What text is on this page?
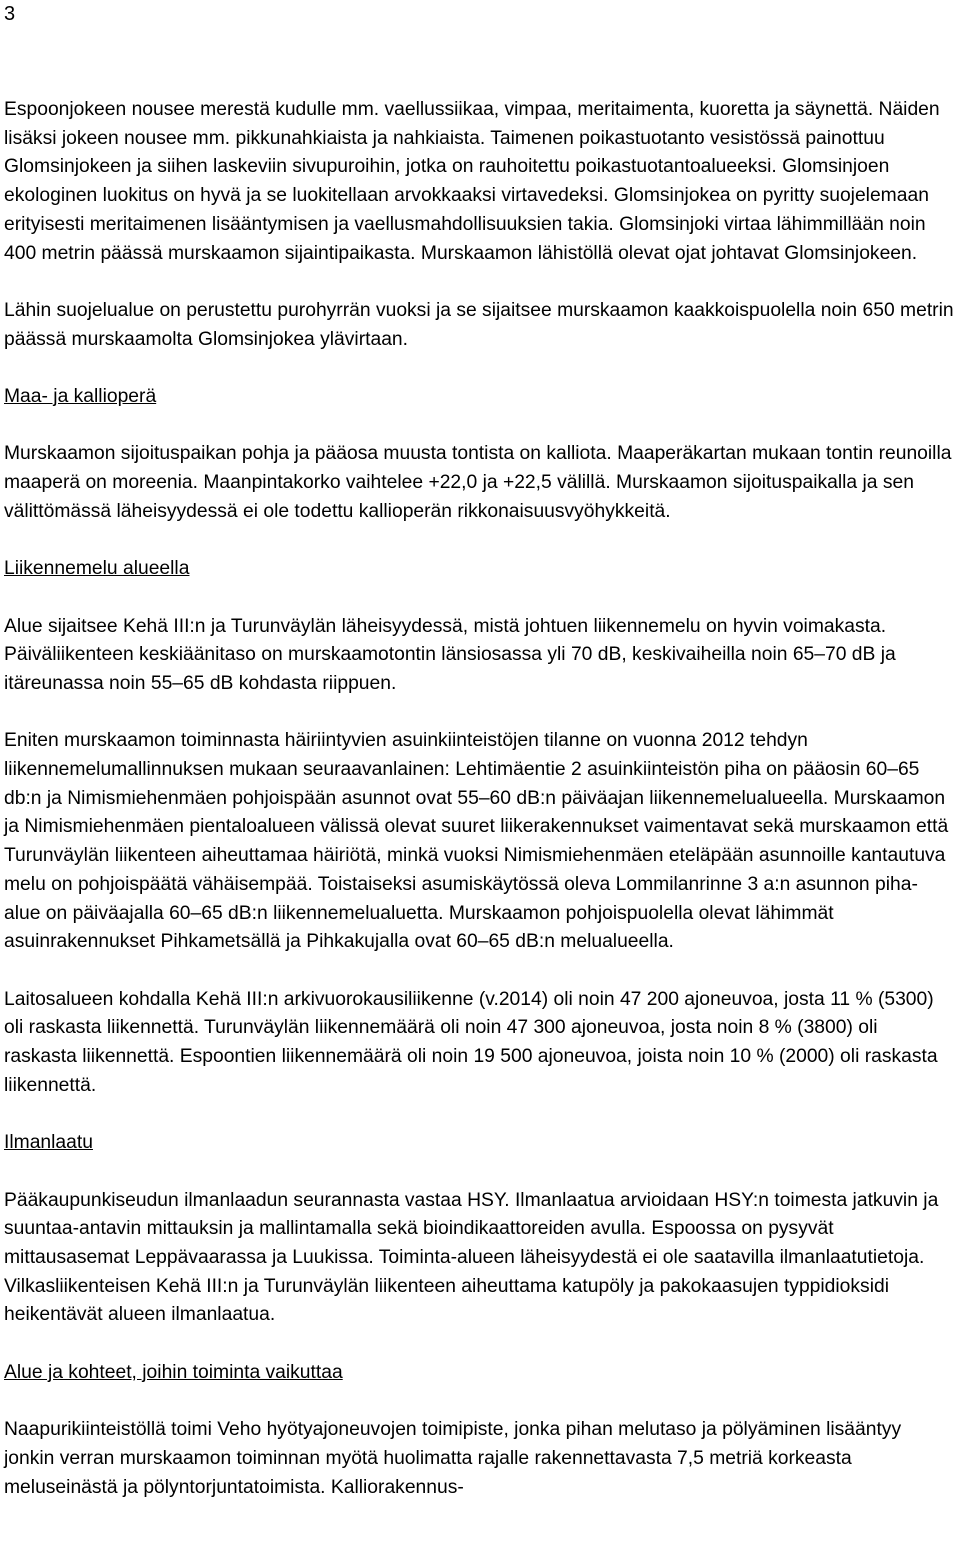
3

Espoonjokeen nousee merestä kudulle mm. vaellussiikaa, vimpaa, meritaimenta, kuoretta ja säynettä. Näiden lisäksi jokeen nousee mm. pikkunahkiaista ja nahkiaista. Taimenen poikastuotanto vesistössä painottuu Glomsinjokeen ja siihen laskeviin sivupuroihin, jotka on rauhoitettu poikastuotantoalueeksi. Glomsinjoen ekologinen luokitus on hyvä ja se luokitellaan arvokkaaksi virtavedeksi. Glomsinjokea on pyritty suojelemaan erityisesti meritaimenen lisääntymisen ja vaellusmahdollisuuksien takia. Glomsinjoki virtaa lähimmillään noin 400 metrin päässä murskaamon sijaintipaikasta. Murskaamon lähistöllä olevat ojat johtavat Glomsinjokeen.

Lähin suojelualue on perustettu purohyrrän vuoksi ja se sijaitsee murskaamon kaakkoispuolella noin 650 metrin päässä murskaamolta Glomsinjokea ylävirtaan.

Maa- ja kallioperä

Murskaamon sijoituspaikan pohja ja pääosa muusta tontista on kalliota. Maaperäkartan mukaan tontin reunoilla maaperä on moreenia. Maanpintakorko vaihtelee +22,0 ja +22,5 välillä. Murskaamon sijoituspaikalla ja sen välittömässä läheisyydessä ei ole todettu kallioperän rikkonaisuusvyöhykkeitä.

Liikennemelu alueella

Alue sijaitsee Kehä III:n ja Turunväylän läheisyydessä, mistä johtuen liikennemelu on hyvin voimakasta. Päiväliikenteen keskiäänitaso on murskaamotontin länsiosassa yli 70 dB, keskivaiheilla noin 65–70 dB ja itäreunassa noin 55–65 dB kohdasta riippuen.

Eniten murskaamon toiminnasta häiriintyvien asuinkiinteistöjen tilanne on vuonna 2012 tehdyn liikennemelumallinnuksen mukaan seuraavanlainen: Lehtimäentie 2 asuinkiinteistön piha on pääosin 60–65 db:n ja Nimismiehenmäen pohjoispään asunnot ovat 55–60 dB:n päiväajan liikennemelualueella. Murskaamon ja Nimismiehenmäen pientaloalueen välissä olevat suuret liikerakennukset vaimentavat sekä murskaamon että Turunväylän liikenteen aiheuttamaa häiriötä, minkä vuoksi Nimismiehenmäen eteläpään asunnoille kantautuva melu on pohjoispäätä vähäisempää. Toistaiseksi asumiskäytössä oleva Lommilanrinne 3 a:n asunnon piha-alue on päiväajalla 60–65 dB:n liikennemelualuetta. Murskaamon pohjoispuolella olevat lähimmät asuinrakennukset Pihkametsällä ja Pihkakujalla ovat 60–65 dB:n melualueella.

Laitosalueen kohdalla Kehä III:n arkivuorokausiliikenne (v.2014) oli noin 47 200 ajoneuvoa, josta 11 % (5300) oli raskasta liikennettä. Turunväylän liikennemäärä oli noin 47 300 ajoneuvoa, josta noin 8 % (3800) oli raskasta liikennettä. Espoontien liikennemäärä oli noin 19 500 ajoneuvoa, joista noin 10 % (2000) oli raskasta liikennettä.

Ilmanlaatu

Pääkaupunkiseudun ilmanlaadun seurannasta vastaa HSY. Ilmanlaatua arvioidaan HSY:n toimesta jatkuvin ja suuntaa-antavin mittauksin ja mallintamalla sekä bioindikaattoreiden avulla. Espoossa on pysyvät mittausasemat Leppävaarassa ja Luukissa. Toiminta-alueen läheisyydestä ei ole saatavilla ilmanlaatutietoja. Vilkasliikenteisen Kehä III:n ja Turunväylän liikenteen aiheuttama katupöly ja pakokaasujen typpidioksidi heikentävät alueen ilmanlaatua.

Alue ja kohteet, joihin toiminta vaikuttaa

Naapurikiinteistöllä toimi Veho hyötyajoneuvojen toimipiste, jonka pihan melutaso ja pölyäminen lisääntyy jonkin verran murskaamon toiminnan myötä huolimatta rajalle rakennettavasta 7,5 metriä korkeasta meluseinästä ja pölyntorjuntatoimista. Kalliorakennus-
